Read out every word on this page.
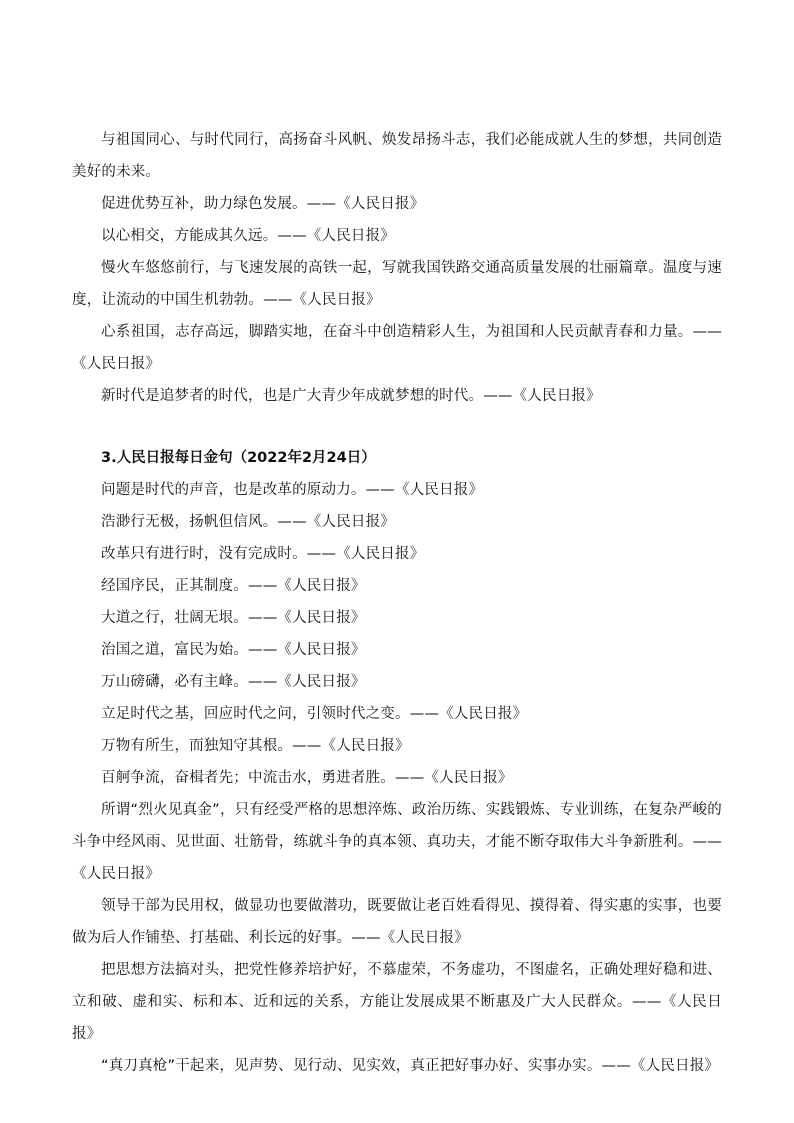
与祖国同心、与时代同行，高扬奋斗风帆、焕发昂扬斗志，我们必能成就人生的梦想，共同创造美好的未来。

促进优势互补，助力绿色发展。——《人民日报》

以心相交，方能成其久远。——《人民日报》

慢火车悠悠前行，与飞速发展的高铁一起，写就我国铁路交通高质量发展的壮丽篇章。温度与速度，让流动的中国生机勃勃。——《人民日报》

心系祖国，志存高远，脚踏实地，在奋斗中创造精彩人生，为祖国和人民贡献青春和力量。——《人民日报》

新时代是追梦者的时代，也是广大青少年成就梦想的时代。——《人民日报》

3.人民日报每日金句（2022年2月24日）

问题是时代的声音，也是改革的原动力。——《人民日报》

浩渺行无极，扬帆但信风。——《人民日报》

改革只有进行时，没有完成时。——《人民日报》

经国序民，正其制度。——《人民日报》

大道之行，壮阔无垠。——《人民日报》

治国之道，富民为始。——《人民日报》

万山磅礴，必有主峰。——《人民日报》

立足时代之基，回应时代之问，引领时代之变。——《人民日报》

万物有所生，而独知守其根。——《人民日报》

百舸争流，奋楫者先；中流击水，勇进者胜。——《人民日报》

所谓“烈火见真金”，只有经受严格的思想淬炼、政治历练、实践锻炼、专业训练，在复杂严峻的斗争中经风雨、见世面、壮筋骨，练就斗争的真本领、真功夫，才能不断夺取伟大斗争新胜利。——《人民日报》

领导干部为民用权，做显功也要做潜功，既要做让老百姓看得见、摸得着、得实惠的实事，也要做为后人作铺垫、打基础、利长远的好事。——《人民日报》

把思想方法搞对头，把党性修养培护好，不慕虚荣，不务虚功，不图虚名，正确处理好稳和进、立和破、虚和实、标和本、近和远的关系，方能让发展成果不断惠及广大人民群众。——《人民日报》

“真刀真枪”干起来，见声势、见行动、见实效，真正把好事办好、实事办实。——《人民日报》
